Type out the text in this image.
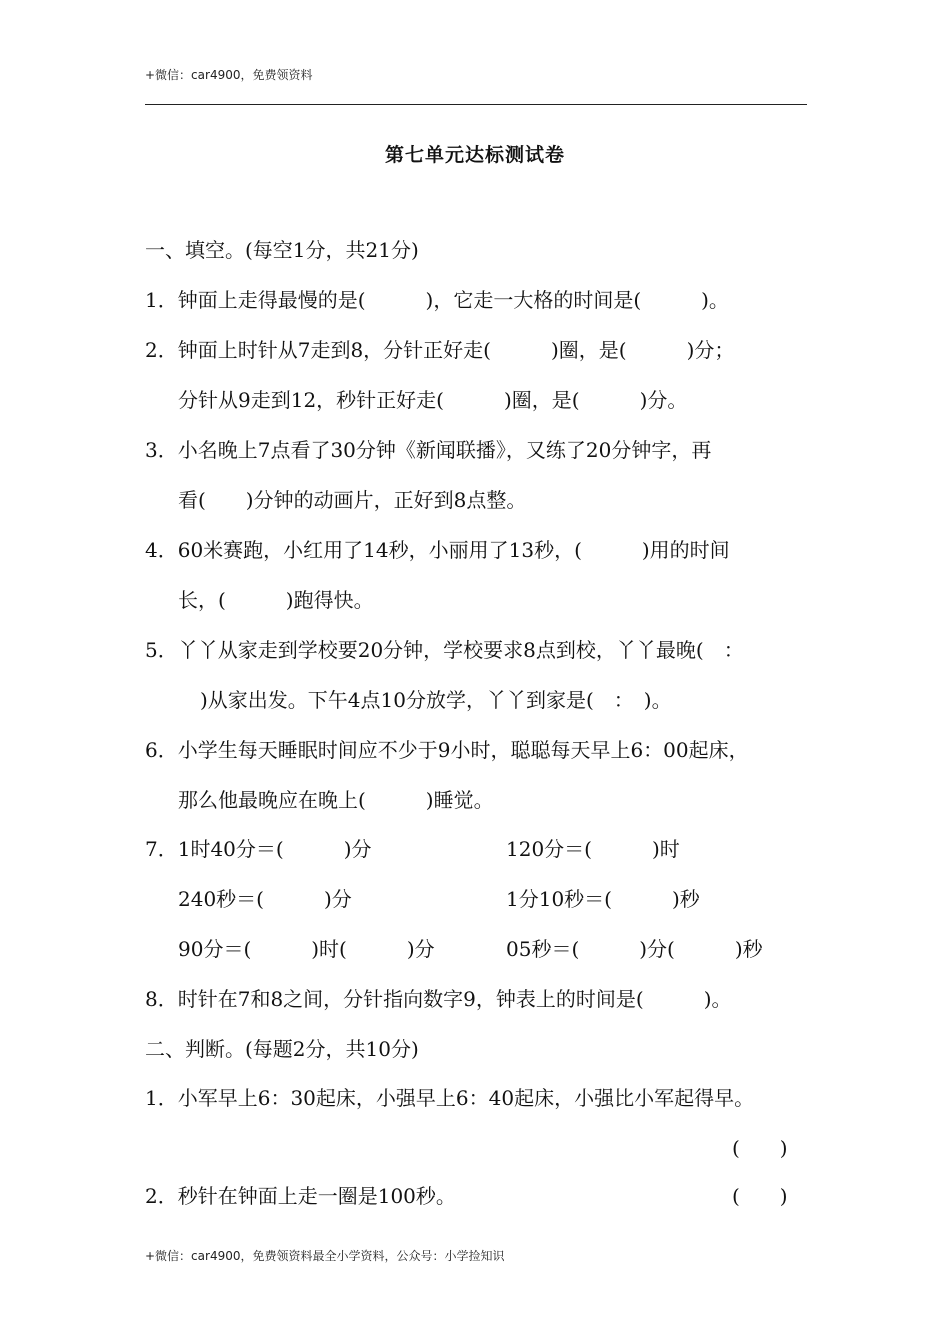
+微信：car4900，免费领资料
第七单元达标测试卷
一、填空。(每空1分，共21分)
1．钟面上走得最慢的是(　　　)，它走一大格的时间是(　　　)。
2．钟面上时针从7走到8，分针正好走(　　　)圈，是(　　　)分；
分针从9走到12，秒针正好走(　　　)圈，是(　　　)分。
3．小名晚上7点看了30分钟《新闻联播》，又练了20分钟字，再
看(　　)分钟的动画片，正好到8点整。
4．60米赛跑，小红用了14秒，小丽用了13秒，(　　　)用的时间
长，(　　　)跑得快。
5．丫丫从家走到学校要20分钟，学校要求8点到校，丫丫最晚(　：
)从家出发。下午4点10分放学，丫丫到家是(　：　)。
6．小学生每天睡眠时间应不少于9小时，聪聪每天早上6：00起床，
那么他最晚应在晚上(　　　)睡觉。
7．1时40分＝(　　　)分	120分＝(　　　)时
240秒＝(　　　)分	1分10秒＝(　　　)秒
90分＝(　　　)时(　　　)分	05秒＝(　　　)分(　　　)秒
8．时针在7和8之间，分针指向数字9，钟表上的时间是(　　　)。
二、判断。(每题2分，共10分)
1．小军早上6：30起床，小强早上6：40起床，小强比小军起得早。
(　　)
2．秒针在钟面上走一圈是100秒。	(　　)
+微信：car4900，免费领资料最全小学资料，公众号：小学捡知识
